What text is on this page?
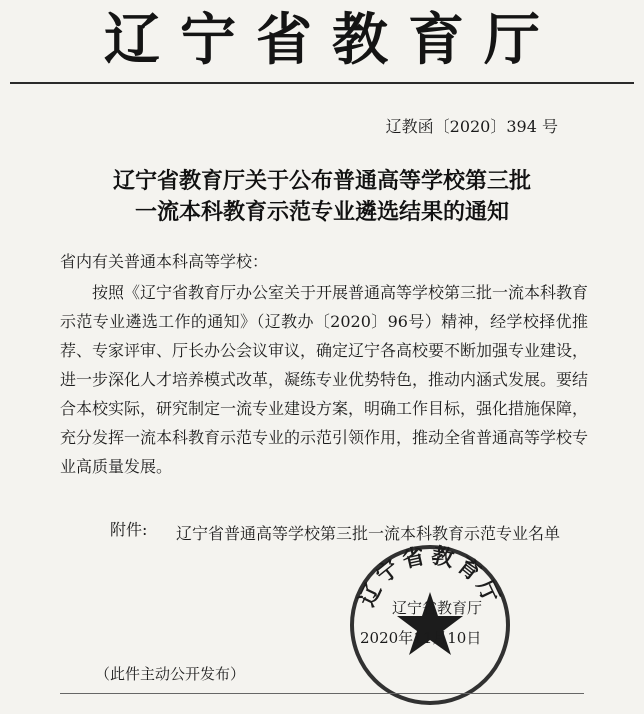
辽宁省教育厅
辽教函〔2020〕394 号
辽宁省教育厅关于公布普通高等学校第三批
一流本科教育示范专业遴选结果的通知
省内有关普通本科高等学校：

按照《辽宁省教育厅办公室关于开展普通高等学校第三批一流本科教育示范专业遴选工作的通知》（辽教办〔2020〕96号）精神，经学校择优推荐、专家评审、厅长办公会议审议，确定辽宁各高校要不断加强专业建设，进一步深化人才培养模式改革，凝练专业优势特色，推动内涵式发展。要结合本校实际，研究制定一流专业建设方案，明确工作目标，强化措施保障，充分发挥一流本科教育示范专业的示范引领作用，推动全省普通高等学校专业高质量发展。

附件: 辽宁省普通高等学校第三批一流本科教育示范专业名单
辽宁省教育厅
辽宁省教育厅
2020年11月10日
（此件主动公开发布）
